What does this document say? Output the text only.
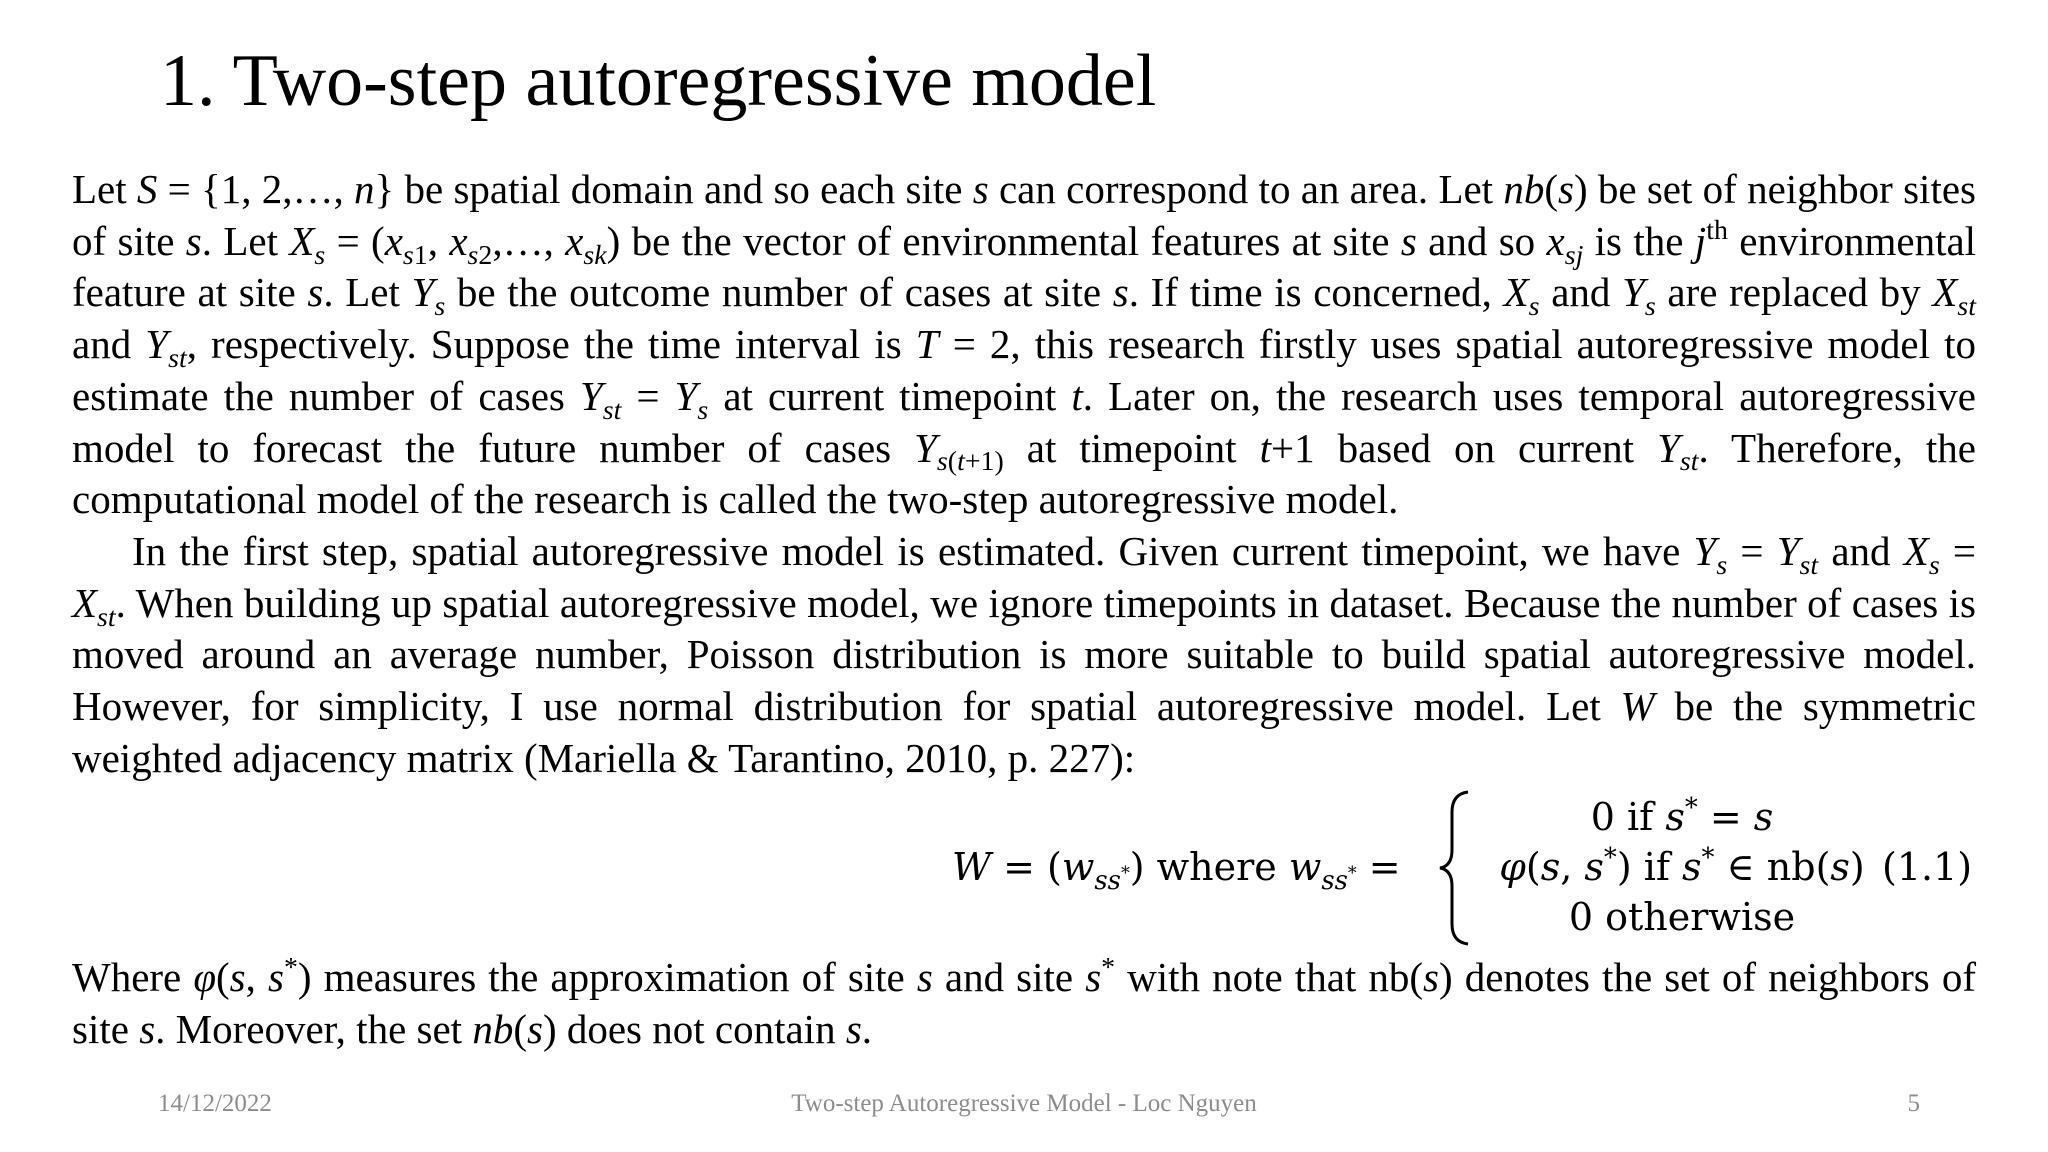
1. Two-step autoregressive model

Let S = {1, 2,…, n} be spatial domain and so each site s can correspond to an area. Let nb(s) be set of neighbor sites of site s. Let $X_s = (x_{s1}$, $x_{s2},\dots$, $x_{sk}$) be the vector of environmental features at site s and so $x_{sj}$ is the $j^{th}$ environmental feature at site s. Let $Y_s$ be the outcome number of cases at site s. If time is concerned, $X_s$ and $Y_s$ are replaced by $X_{st}$ and $Y_{st}$, respectively. Suppose the time interval is T = 2, this research firstly uses spatial autoregressive model to estimate the number of cases $Y_{st} = Y_s$ at current timepoint t. Later on, the research uses temporal autoregressive model to forecast the future number of cases $Y_{s(t+1)}$ at timepoint t+1 based on current $Y_{st}$. Therefore, the computational model of the research is called the two-step autoregressive model.

In the first step, spatial autoregressive model is estimated. Given current timepoint, we have $Y_s = Y_{st}$ and $X_s = X_{st}$. When building up spatial autoregressive model, we ignore timepoints in dataset. Because the number of cases is moved around an average number, Poisson distribution is more suitable to build spatial autoregressive model. However, for simplicity, I use normal distribution for spatial autoregressive model. Let W be the symmetric weighted adjacency matrix (Mariella & Tarantino, 2010, p. 227):

$W = (w_{ss^*})$ where $w_{ss^*}$ =
0 if s* = s
φ(s, s*) if s* ∈ nb(s)
0 otherwise
(1.1)

Where φ(s, s*) measures the approximation of site s and site s* with note that nb(s) denotes the set of neighbors of site s. Moreover, the set nb(s) does not contain s.

14/12/2022	Two-step Autoregressive Model - Loc Nguyen	5
